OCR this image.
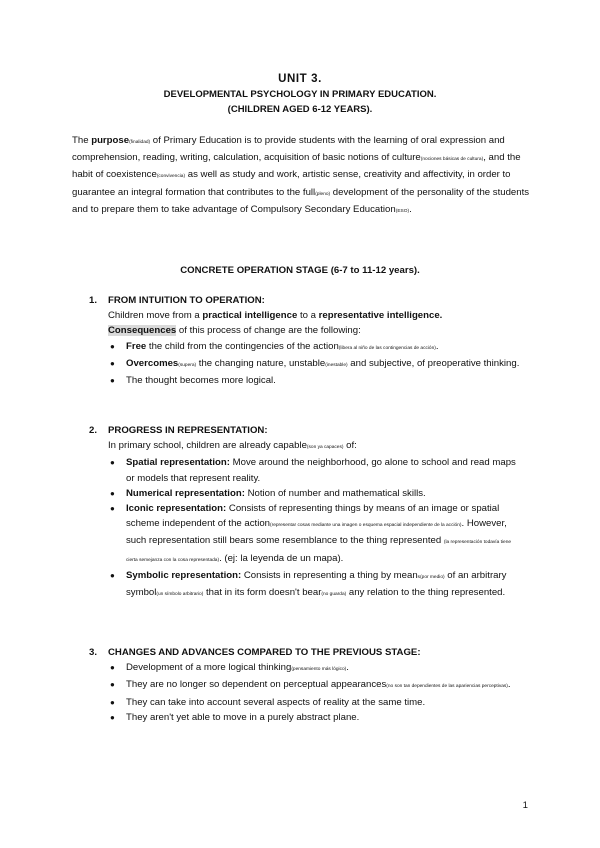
UNIT 3.
DEVELOPMENTAL PSYCHOLOGY IN PRIMARY EDUCATION.
(CHILDREN AGED 6-12 YEARS).
The purpose(finalidad) of Primary Education is to provide students with the learning of oral expression and comprehension, reading, writing, calculation, acquisition of basic notions of culture(nociones básicas de cultura), and the habit of coexistence(convivencia) as well as study and work, artistic sense, creativity and affectivity, in order to guarantee an integral formation that contributes to the full(pleno) development of the personality of the students and to prepare them to take advantage of Compulsory Secondary Education(ESO).
CONCRETE OPERATION STAGE (6-7 to 11-12 years).
1. FROM INTUITION TO OPERATION:
Children move from a practical intelligence to a representative intelligence.
Consequences of this process of change are the following:
● Free the child from the contingencies of the action(libera al niño de las contingencias de acción).
● Overcomes(supera) the changing nature, unstable(inestable) and subjective, of preoperative thinking.
● The thought becomes more logical.
2. PROGRESS IN REPRESENTATION:
In primary school, children are already capable(son ya capaces) of:
● Spatial representation: Move around the neighborhood, go alone to school and read maps or models that represent reality.
● Numerical representation: Notion of number and mathematical skills.
● Iconic representation: Consists of representing things by means of an image or spatial scheme independent of the action(representar cosas mediante una imagen o esquema espacial independiente de la acción). However, such representation still bears some resemblance to the thing represented (la representación todavía tiene cierta semejanza con la cosa representada). (ej: la leyenda de un mapa).
● Symbolic representation: Consists in representing a thing by means(por medio) of an arbitrary symbol(un símbolo arbitrario) that in its form doesn't bear(no guarda) any relation to the thing represented.
3. CHANGES AND ADVANCES COMPARED TO THE PREVIOUS STAGE:
● Development of a more logical thinking(pensamiento más lógico).
● They are no longer so dependent on perceptual appearances(no son tan dependientes de las apariencias perceptivas).
● They can take into account several aspects of reality at the same time.
● They aren't yet able to move in a purely abstract plane.
1
